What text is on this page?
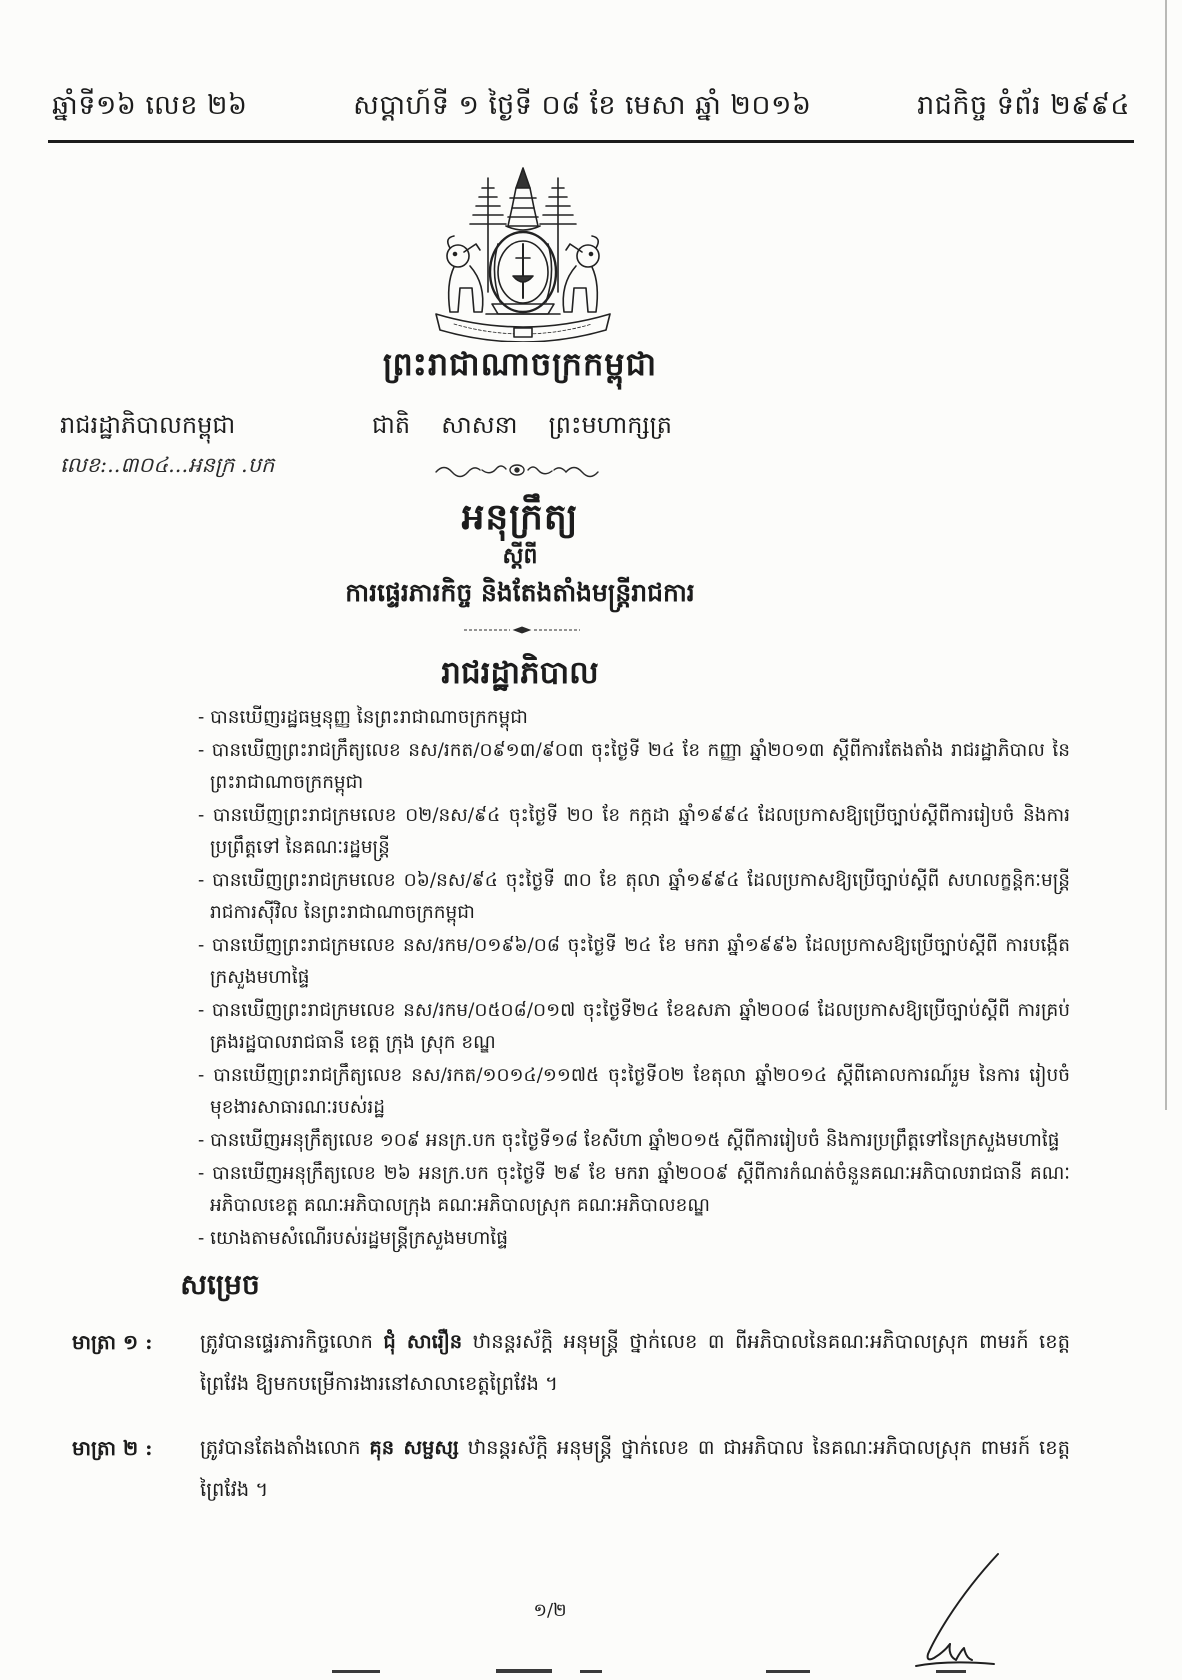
ឆ្នាំទី១៦ លេខ ២៦	សប្តាហ៍ទី ១ ថ្ងៃទី ០៨ ខែ មេសា ឆ្នាំ ២០១៦	រាជកិច្ច ទំព័រ ២៩៩៤
ព្រះរាជាណាចក្រកម្ពុជា
រាជរដ្ឋាភិបាលកម្ពុជា	ជាតិ សាសនា ព្រះមហាក្សត្រ
លេខ:..៣០៤...អនក្រ .បក
អនុក្រឹត្យ
ស្តីពី
ការផ្ទេរភារកិច្ច និងតែងតាំងមន្ត្រីរាជការ
រាជរដ្ឋាភិបាល

- បានឃើញរដ្ឋធម្មនុញ្ញ នៃព្រះរាជាណាចក្រកម្ពុជា

- បានឃើញព្រះរាជក្រឹត្យលេខ នស/រកត/០៩១៣/៩០៣ ចុះថ្ងៃទី ២៤ ខែ កញ្ញា ឆ្នាំ២០១៣ ស្តីពីការតែងតាំង រាជរដ្ឋាភិបាល នៃព្រះរាជាណាចក្រកម្ពុជា

- បានឃើញព្រះរាជក្រមលេខ ០២/នស/៩៤ ចុះថ្ងៃទី ២០ ខែ កក្កដា ឆ្នាំ១៩៩៤ ដែលប្រកាសឱ្យប្រើច្បាប់ស្តីពីការរៀបចំ និងការប្រព្រឹត្តទៅ នៃគណៈរដ្ឋមន្ត្រី

- បានឃើញព្រះរាជក្រមលេខ ០៦/នស/៩៤ ចុះថ្ងៃទី ៣០ ខែ តុលា ឆ្នាំ១៩៩៤ ដែលប្រកាសឱ្យប្រើច្បាប់ស្តីពី សហលក្ខន្តិកៈមន្ត្រីរាជការស៊ីវិល នៃព្រះរាជាណាចក្រកម្ពុជា

- បានឃើញព្រះរាជក្រមលេខ នស/រកម/០១៩៦/០៨ ចុះថ្ងៃទី ២៤ ខែ មករា ឆ្នាំ១៩៩៦ ដែលប្រកាសឱ្យប្រើច្បាប់ស្តីពី ការបង្កើតក្រសួងមហាផ្ទៃ

- បានឃើញព្រះរាជក្រមលេខ នស/រកម/០៥០៨/០១៧ ចុះថ្ងៃទី២៤ ខែឧសភា ឆ្នាំ២០០៨ ដែលប្រកាសឱ្យប្រើច្បាប់ស្តីពី ការគ្រប់គ្រងរដ្ឋបាលរាជធានី ខេត្ត ក្រុង ស្រុក ខណ្ឌ

- បានឃើញព្រះរាជក្រឹត្យលេខ នស/រកត/១០១៤/១១៧៥ ចុះថ្ងៃទី០២ ខែតុលា ឆ្នាំ២០១៤ ស្តីពីគោលការណ៍រួម នៃការ រៀបចំមុខងារសាធារណៈរបស់រដ្ឋ

- បានឃើញអនុក្រឹត្យលេខ ១០៩ អនក្រ.បក ចុះថ្ងៃទី១៨ ខែសីហា ឆ្នាំ២០១៥ ស្តីពីការរៀបចំ និងការប្រព្រឹត្តទៅនៃក្រសួងមហាផ្ទៃ

- បានឃើញអនុក្រឹត្យលេខ ២៦ អនក្រ.បក ចុះថ្ងៃទី ២៩ ខែ មករា ឆ្នាំ២០០៩ ស្តីពីការកំណត់ចំនួនគណៈអភិបាលរាជធានី គណៈអភិបាលខេត្ត គណៈអភិបាលក្រុង គណៈអភិបាលស្រុក គណៈអភិបាលខណ្ឌ

- យោងតាមសំណើរបស់រដ្ឋមន្ត្រីក្រសួងមហាផ្ទៃ

សម្រេច
មាត្រា ១ :	ត្រូវបានផ្ទេរភារកិច្ចលោក ជុំ សារឿន ឋានន្តរស័ក្តិ អនុមន្ត្រី ថ្នាក់លេខ ៣ ពីអភិបាលនៃគណៈអភិបាលស្រុក ពាមរក៍ ខេត្តព្រៃវែង ឱ្យមកបម្រើការងារនៅសាលាខេត្តព្រៃវែង ។
មាត្រា ២ :	ត្រូវបានតែងតាំងលោក គុន សម្ផស្ស ឋានន្តរស័ក្តិ អនុមន្ត្រី ថ្នាក់លេខ ៣ ជាអភិបាល នៃគណៈអភិបាលស្រុក ពាមរក៍ ខេត្តព្រៃវែង ។
១/២
